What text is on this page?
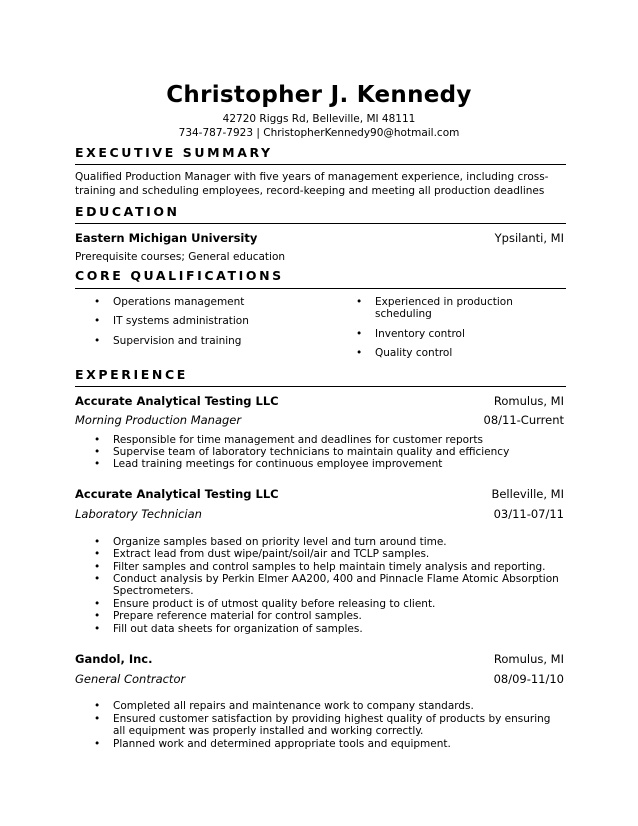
Christopher J. Kennedy
42720 Riggs Rd, Belleville, MI 48111
734-787-7923 | ChristopherKennedy90@hotmail.com
EXECUTIVE SUMMARY
Qualified Production Manager with five years of management experience, including cross-
training and scheduling employees, record-keeping and meeting all production deadlines
EDUCATION
Eastern Michigan University	Ypsilanti, MI
Prerequisite courses; General education
CORE QUALIFICATIONS
• Operations management
• IT systems administration
• Supervision and training
• Experienced in production
scheduling
• Inventory control
• Quality control
EXPERIENCE
Accurate Analytical Testing LLC	Romulus, MI
Morning Production Manager	08/11-Current
• Responsible for time management and deadlines for customer reports
• Supervise team of laboratory technicians to maintain quality and efficiency
• Lead training meetings for continuous employee improvement
Accurate Analytical Testing LLC	Belleville, MI
Laboratory Technician	03/11-07/11
• Organize samples based on priority level and turn around time.
• Extract lead from dust wipe/paint/soil/air and TCLP samples.
• Filter samples and control samples to help maintain timely analysis and reporting.
• Conduct analysis by Perkin Elmer AA200, 400 and Pinnacle Flame Atomic Absorption
Spectrometers.
• Ensure product is of utmost quality before releasing to client.
• Prepare reference material for control samples.
• Fill out data sheets for organization of samples.
Gandol, Inc.	Romulus, MI
General Contractor	08/09-11/10
• Completed all repairs and maintenance work to company standards.
• Ensured customer satisfaction by providing highest quality of products by ensuring
all equipment was properly installed and working correctly.
• Planned work and determined appropriate tools and equipment.
